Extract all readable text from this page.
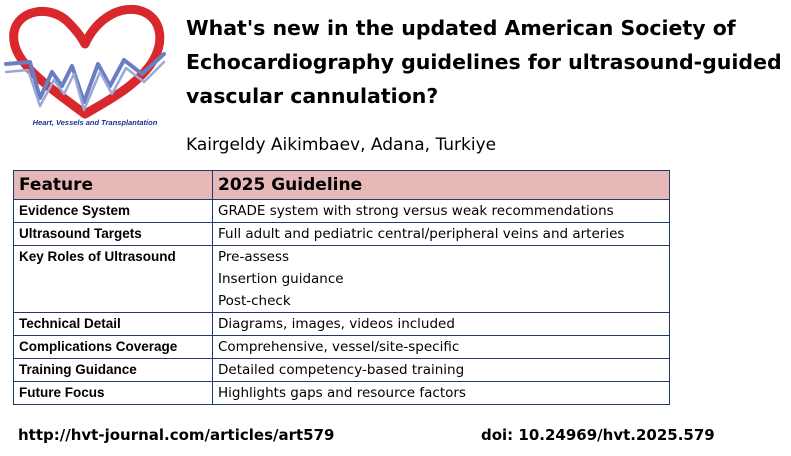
Heart, Vessels and Transplantation
What's new in the updated American Society of Echocardiography guidelines for ultrasound-guided vascular cannulation?
Kairgeldy Aikimbaev, Adana, Turkiye
Feature	2025 Guideline
Evidence System	GRADE system with strong versus weak recommendations

Ultrasound Targets	Full adult and pediatric central/peripheral veins and arteries

Key Roles of Ultrasound	Pre-assess
Insertion guidance
Post-check

Technical Detail	Diagrams, images, videos included

Complications Coverage	Comprehensive, vessel/site-specific

Training Guidance	Detailed competency-based training

Future Focus	Highlights gaps and resource factors
http://hvt-journal.com/articles/art579	doi: 10.24969/hvt.2025.579
